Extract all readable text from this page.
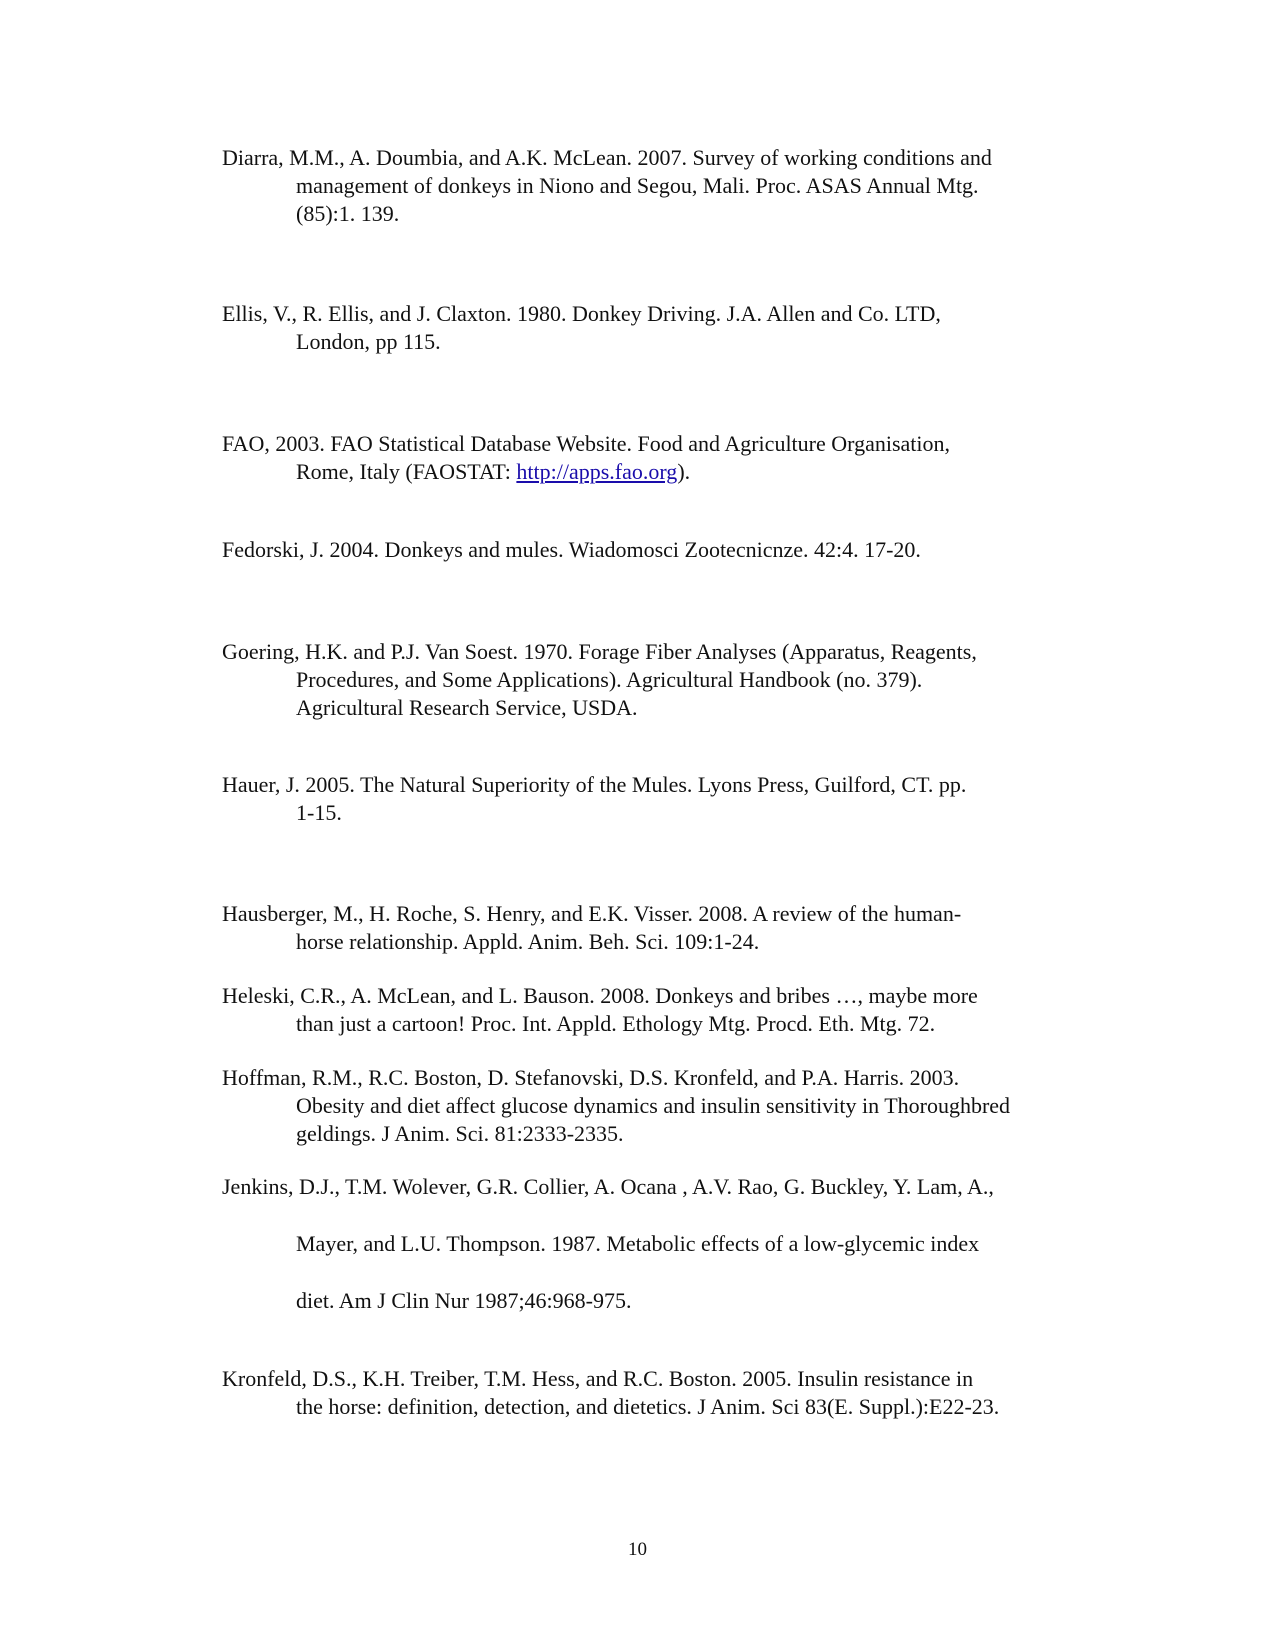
Diarra, M.M., A. Doumbia, and A.K. McLean. 2007. Survey of working conditions and
management of donkeys in Niono and Segou, Mali. Proc. ASAS Annual Mtg.
(85):1. 139.

Ellis, V., R. Ellis, and J. Claxton. 1980. Donkey Driving. J.A. Allen and Co. LTD,
London, pp 115.

FAO, 2003. FAO Statistical Database Website. Food and Agriculture Organisation,
Rome, Italy (FAOSTAT: http://apps.fao.org).

Fedorski, J. 2004. Donkeys and mules. Wiadomosci Zootecnicnze. 42:4. 17-20.

Goering, H.K. and P.J. Van Soest. 1970. Forage Fiber Analyses (Apparatus, Reagents,
Procedures, and Some Applications). Agricultural Handbook (no. 379).
Agricultural Research Service, USDA.

Hauer, J. 2005. The Natural Superiority of the Mules. Lyons Press, Guilford, CT. pp.
1-15.

Hausberger, M., H. Roche, S. Henry, and E.K. Visser. 2008. A review of the human-
horse relationship. Appld. Anim. Beh. Sci. 109:1-24.

Heleski, C.R., A. McLean, and L. Bauson. 2008. Donkeys and bribes …, maybe more
than just a cartoon! Proc. Int. Appld. Ethology Mtg. Procd. Eth. Mtg. 72.

Hoffman, R.M., R.C. Boston, D. Stefanovski, D.S. Kronfeld, and P.A. Harris. 2003.
Obesity and diet affect glucose dynamics and insulin sensitivity in Thoroughbred
geldings. J Anim. Sci. 81:2333-2335.

Jenkins, D.J., T.M. Wolever, G.R. Collier, A. Ocana , A.V. Rao, G. Buckley, Y. Lam, A.,
Mayer, and L.U. Thompson. 1987. Metabolic effects of a low-glycemic index
diet. Am J Clin Nur 1987;46:968-975.

Kronfeld, D.S., K.H. Treiber, T.M. Hess, and R.C. Boston. 2005. Insulin resistance in
the horse: definition, detection, and dietetics. J Anim. Sci 83(E. Suppl.):E22-23.

10
